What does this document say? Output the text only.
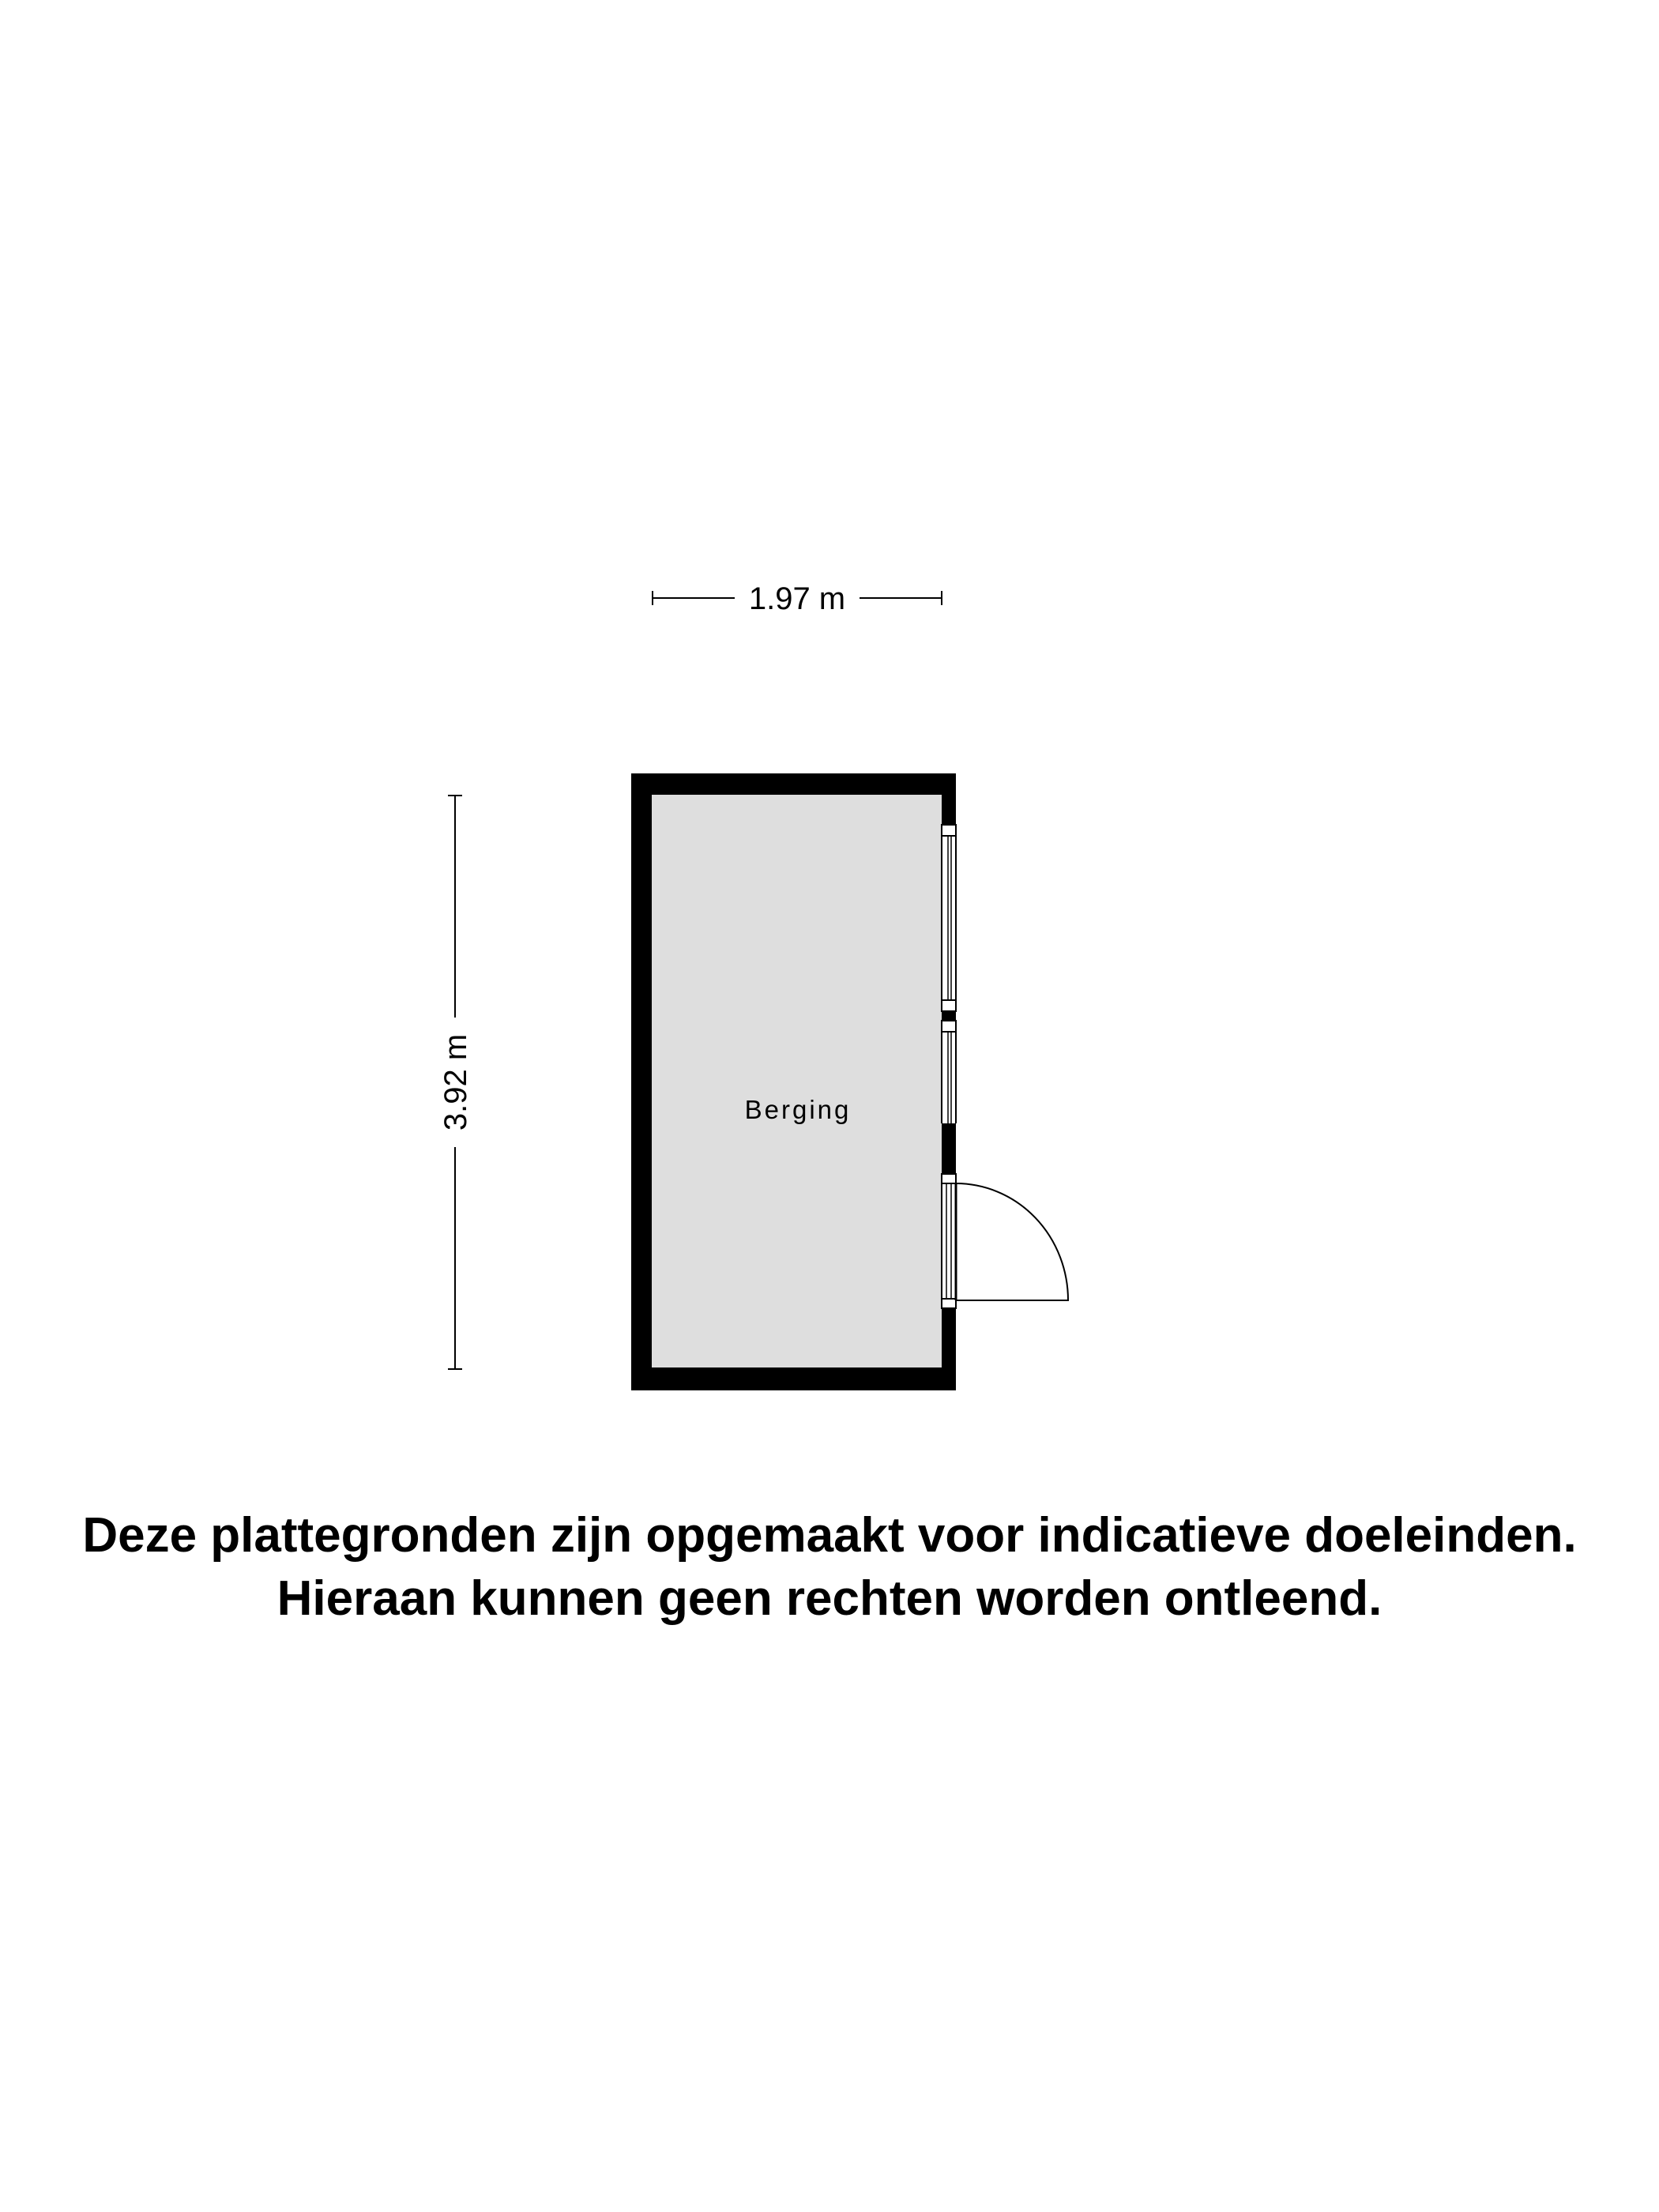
1.97 m
3.92 m	Berging
Deze plattegronden zijn opgemaakt voor indicatieve doeleinden.
Hieraan kunnen geen rechten worden ontleend.
